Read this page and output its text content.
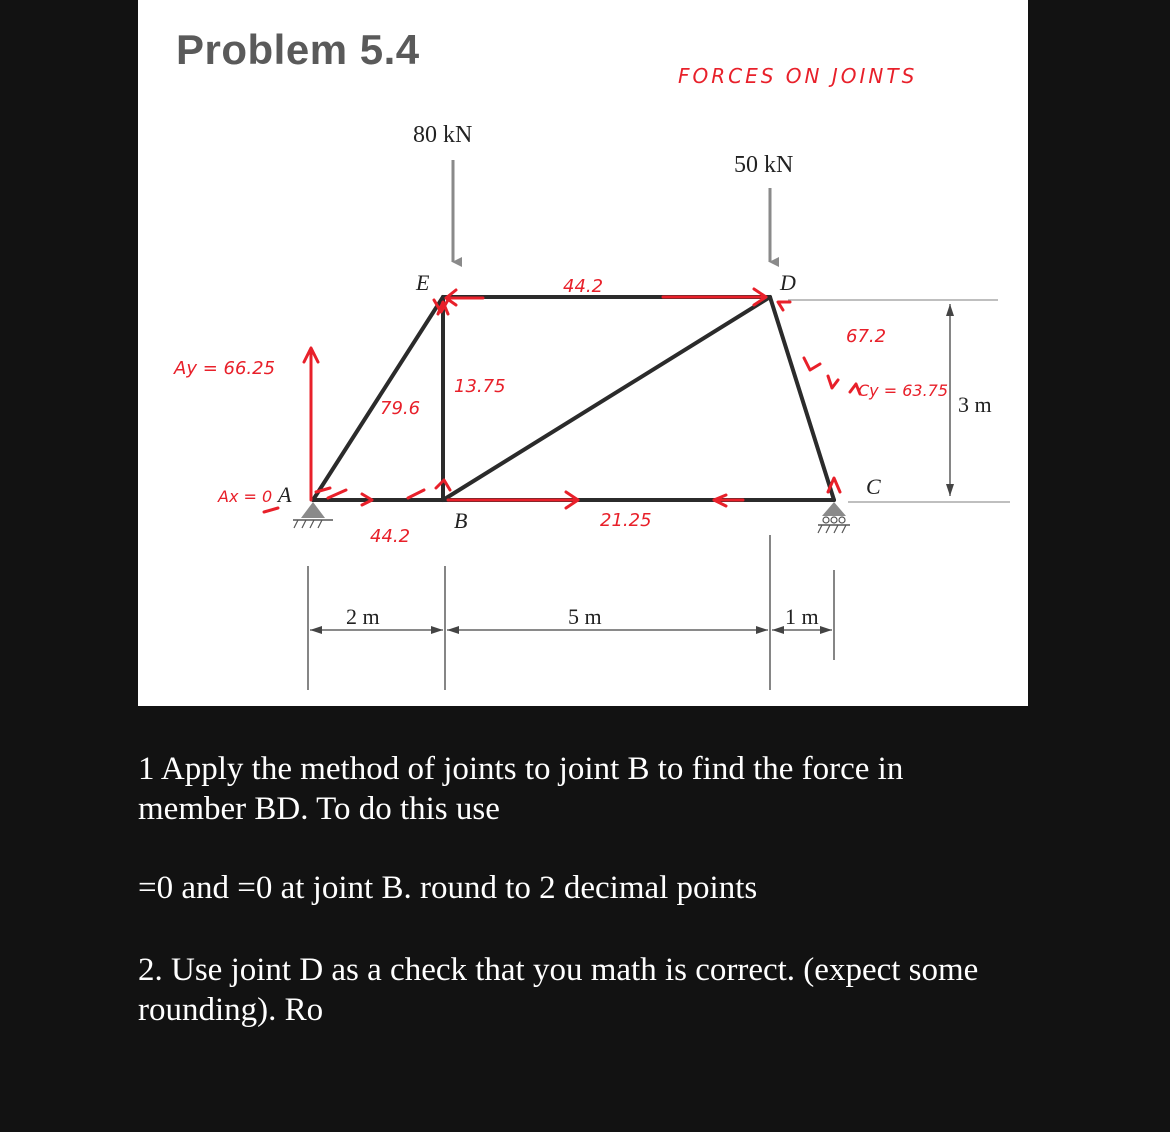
Problem 5.4
80 kN
50 kN
A
E
B
D
C
2 m	5 m	1 m
3 m
FORCES ON JOINTS
Ay = 66.25
Ax = 0
Cy = 63.75
44.2
79.6
13.75
44.2
21.25
67.2
1 Apply the method of joints to joint B to find the force in
member BD. To do this use
=0 and =0 at joint B. round to 2 decimal points
2. Use joint D as a check that you math is correct. (expect some
rounding). Ro
